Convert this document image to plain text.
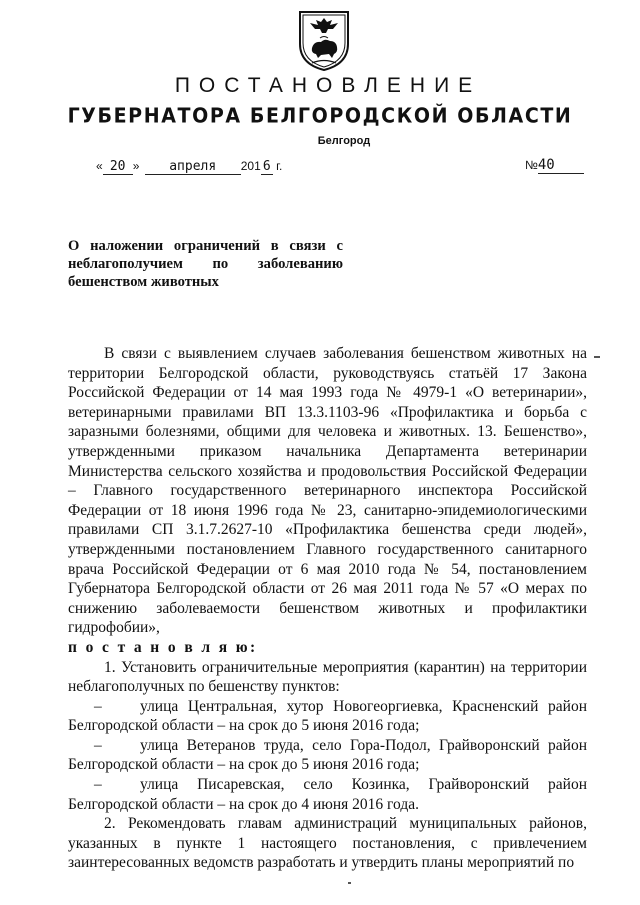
ПОСТАНОВЛЕНИЕ
ГУБЕРНАТОРА БЕЛГОРОДСКОЙ ОБЛАСТИ
Белгород
« 20 » апреля 201 6 г.	№40
О наложении ограничений в связи с неблагополучием по заболеванию бешенством животных

В связи с выявлением случаев заболевания бешенством животных на территории Белгородской области, руководствуясь статьёй 17 Закона Российской Федерации от 14 мая 1993 года № 4979-1 «О ветеринарии», ветеринарными правилами ВП 13.3.1103-96 «Профилактика и борьба с заразными болезнями, общими для человека и животных. 13. Бешенство», утвержденными приказом начальника Департамента ветеринарии Министерства сельского хозяйства и продовольствия Российской Федерации – Главного государственного ветеринарного инспектора Российской Федерации от 18 июня 1996 года № 23, санитарно-эпидемиологическими правилами СП 3.1.7.2627-10 «Профилактика бешенства среди людей», утвержденными постановлением Главного государственного санитарного врача Российской Федерации от 6 мая 2010 года № 54, постановлением Губернатора Белгородской области от 26 мая 2011 года № 57 «О мерах по снижению заболеваемости бешенством животных и профилактики гидрофобии»,

п о с т а н о в л я ю:

1. Установить ограничительные мероприятия (карантин) на территории неблагополучных по бешенству пунктов:

– улица Центральная, хутор Новогеоргиевка, Красненский район Белгородской области – на срок до 5 июня 2016 года;

– улица Ветеранов труда, село Гора-Подол, Грайворонский район Белгородской области – на срок до 5 июня 2016 года;

– улица Писаревская, село Козинка, Грайворонский район Белгородской области – на срок до 4 июня 2016 года.

2. Рекомендовать главам администраций муниципальных районов, указанных в пункте 1 настоящего постановления, с привлечением заинтересованных ведомств разработать и утвердить планы мероприятий по
